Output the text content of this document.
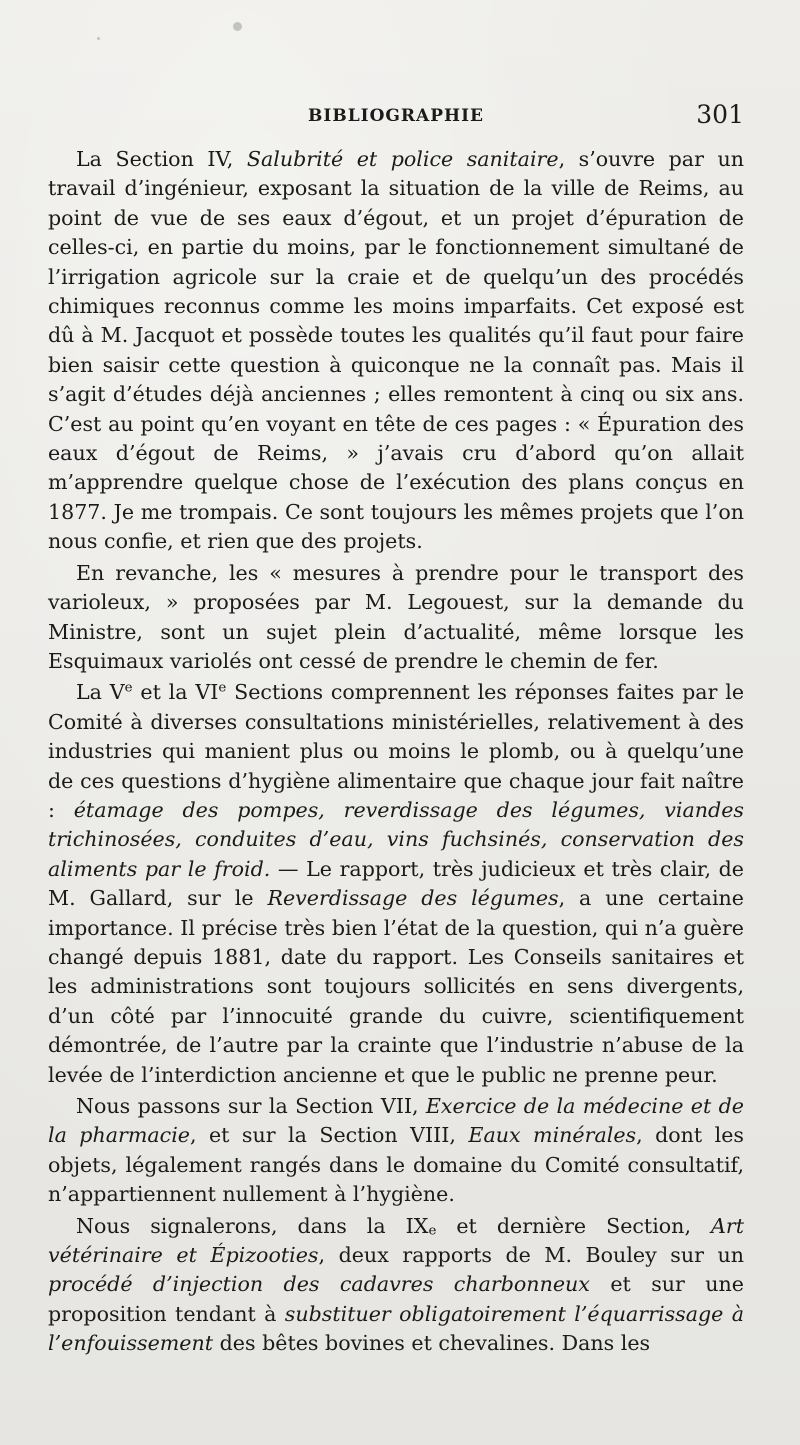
BIBLIOGRAPHIE	301

La Section IV, Salubrité et police sanitaire, s’ouvre par un travail d’ingénieur, exposant la situation de la ville de Reims, au point de vue de ses eaux d’égout, et un projet d’épuration de celles-ci, en partie du moins, par le fonctionnement simultané de l’irrigation agricole sur la craie et de quelqu’un des procédés chimiques reconnus comme les moins imparfaits. Cet exposé est dû à M. Jacquot et possède toutes les qualités qu’il faut pour faire bien saisir cette question à quiconque ne la connaît pas. Mais il s’agit d’études déjà anciennes ; elles remontent à cinq ou six ans. C’est au point qu’en voyant en tête de ces pages : « Épuration des eaux d’égout de Reims, » j’avais cru d’abord qu’on allait m’apprendre quelque chose de l’exécution des plans conçus en 1877. Je me trompais. Ce sont toujours les mêmes projets que l’on nous confie, et rien que des projets.

En revanche, les « mesures à prendre pour le transport des varioleux, » proposées par M. Legouest, sur la demande du Ministre, sont un sujet plein d’actualité, même lorsque les Esquimaux variolés ont cessé de prendre le chemin de fer.

La Ve et la VIe Sections comprennent les réponses faites par le Comité à diverses consultations ministérielles, relativement à des industries qui manient plus ou moins le plomb, ou à quelqu’une de ces questions d’hygiène alimentaire que chaque jour fait naître : étamage des pompes, reverdissage des légumes, viandes trichinosées, conduites d’eau, vins fuchsinés, conservation des aliments par le froid. — Le rapport, très judicieux et très clair, de M. Gallard, sur le Reverdissage des légumes, a une certaine importance. Il précise très bien l’état de la question, qui n’a guère changé depuis 1881, date du rapport. Les Conseils sanitaires et les administrations sont toujours sollicités en sens divergents, d’un côté par l’innocuité grande du cuivre, scientifiquement démontrée, de l’autre par la crainte que l’industrie n’abuse de la levée de l’interdiction ancienne et que le public ne prenne peur.

Nous passons sur la Section VII, Exercice de la médecine et de la pharmacie, et sur la Section VIII, Eaux minérales, dont les objets, légalement rangés dans le domaine du Comité consultatif, n’appartiennent nullement à l’hygiène.

Nous signalerons, dans la $IX_e$ et dernière Section, Art vétérinaire et Épizooties, deux rapports de M. Bouley sur un procédé d’injection des cadavres charbonneux et sur une proposition tendant à substituer obligatoirement l’équarrissage à l’enfouissement des bêtes bovines et chevalines. Dans les
